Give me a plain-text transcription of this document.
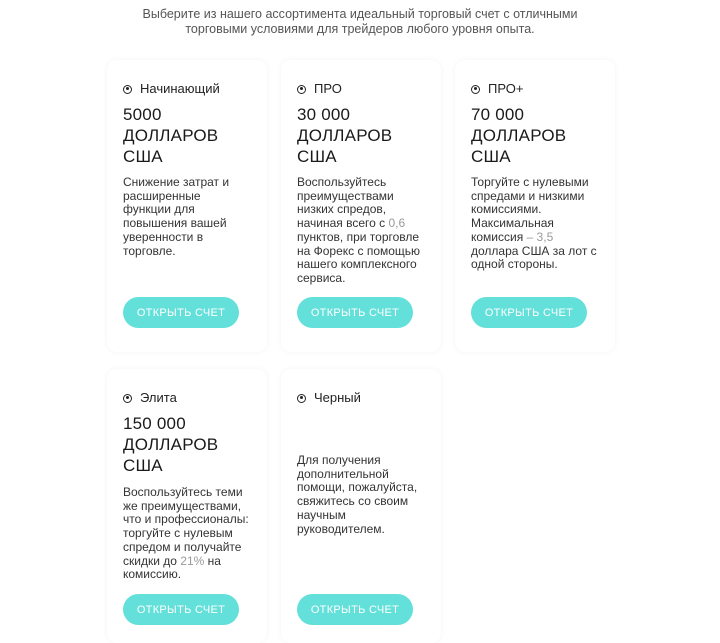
Выберите из нашего ассортимента идеальный торговый счет с отличными
торговыми условиями для трейдеров любого уровня опыта.
Начинающий
5000
ДОЛЛАРОВ
США
Снижение затрат и
расширенные
функции для
повышения вашей
уверенности в
торговле.
ОТКРЫТЬ СЧЕТ
ПРО
30 000
ДОЛЛАРОВ
США
Воспользуйтесь
преимуществами
низких спредов,
начиная всего с 0,6
пунктов, при торговле
на Форекс с помощью
нашего комплексного
сервиса.
ОТКРЫТЬ СЧЕТ
ПРО+
70 000
ДОЛЛАРОВ
США
Торгуйте с нулевыми
спредами и низкими
комиссиями.
Максимальная
комиссия – 3,5
доллара США за лот с
одной стороны.
ОТКРЫТЬ СЧЕТ
Элита
150 000
ДОЛЛАРОВ
США
Воспользуйтесь теми
же преимуществами,
что и профессионалы:
торгуйте с нулевым
спредом и получайте
скидки до 21% на
комиссию.
ОТКРЫТЬ СЧЕТ
Черный
Для получения
дополнительной
помощи, пожалуйста,
свяжитесь со своим
научным
руководителем.
ОТКРЫТЬ СЧЕТ
